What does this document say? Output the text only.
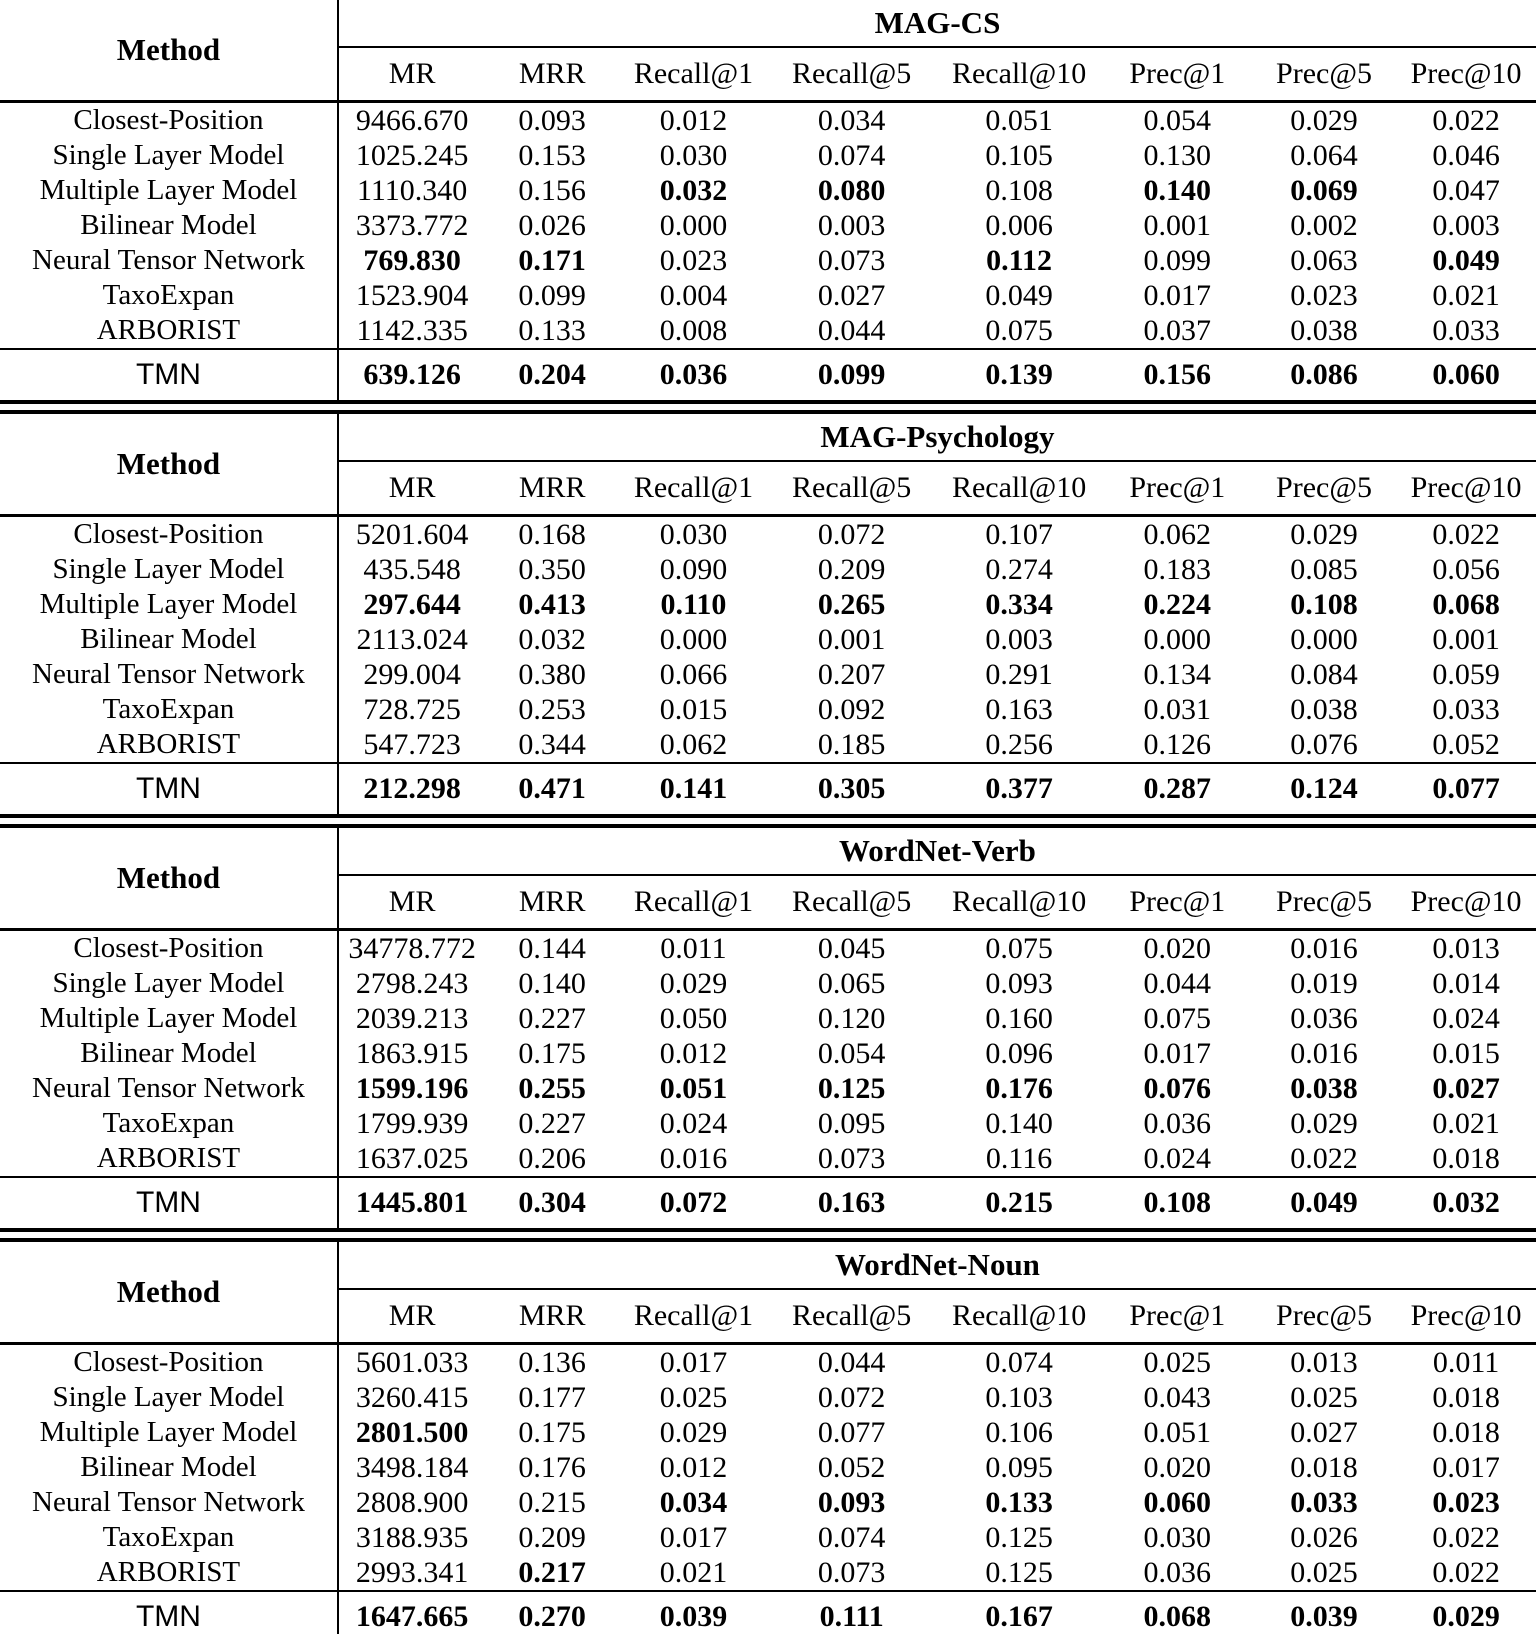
Method	MAG-CS							
	MR	MRR	Recall@1	Recall@5	Recall@10	Prec@1	Prec@5	Prec@10
Closest-Position	9466.670	0.093	0.012	0.034	0.051	0.054	0.029	0.022
Single Layer Model	1025.245	0.153	0.030	0.074	0.105	0.130	0.064	0.046
Multiple Layer Model	1110.340	0.156	0.032	0.080	0.108	0.140	0.069	0.047
Bilinear Model	3373.772	0.026	0.000	0.003	0.006	0.001	0.002	0.003
Neural Tensor Network	769.830	0.171	0.023	0.073	0.112	0.099	0.063	0.049
TaxoExpan	1523.904	0.099	0.004	0.027	0.049	0.017	0.023	0.021
ARBORIST	1142.335	0.133	0.008	0.044	0.075	0.037	0.038	0.033
TMN	639.126	0.204	0.036	0.099	0.139	0.156	0.086	0.060
Method	MAG-Psychology							
	MR	MRR	Recall@1	Recall@5	Recall@10	Prec@1	Prec@5	Prec@10
Closest-Position	5201.604	0.168	0.030	0.072	0.107	0.062	0.029	0.022
Single Layer Model	435.548	0.350	0.090	0.209	0.274	0.183	0.085	0.056
Multiple Layer Model	297.644	0.413	0.110	0.265	0.334	0.224	0.108	0.068
Bilinear Model	2113.024	0.032	0.000	0.001	0.003	0.000	0.000	0.001
Neural Tensor Network	299.004	0.380	0.066	0.207	0.291	0.134	0.084	0.059
TaxoExpan	728.725	0.253	0.015	0.092	0.163	0.031	0.038	0.033
ARBORIST	547.723	0.344	0.062	0.185	0.256	0.126	0.076	0.052
TMN	212.298	0.471	0.141	0.305	0.377	0.287	0.124	0.077
Method	WordNet-Verb							
	MR	MRR	Recall@1	Recall@5	Recall@10	Prec@1	Prec@5	Prec@10
Closest-Position	34778.772	0.144	0.011	0.045	0.075	0.020	0.016	0.013
Single Layer Model	2798.243	0.140	0.029	0.065	0.093	0.044	0.019	0.014
Multiple Layer Model	2039.213	0.227	0.050	0.120	0.160	0.075	0.036	0.024
Bilinear Model	1863.915	0.175	0.012	0.054	0.096	0.017	0.016	0.015
Neural Tensor Network	1599.196	0.255	0.051	0.125	0.176	0.076	0.038	0.027
TaxoExpan	1799.939	0.227	0.024	0.095	0.140	0.036	0.029	0.021
ARBORIST	1637.025	0.206	0.016	0.073	0.116	0.024	0.022	0.018
TMN	1445.801	0.304	0.072	0.163	0.215	0.108	0.049	0.032
Method	WordNet-Noun							
	MR	MRR	Recall@1	Recall@5	Recall@10	Prec@1	Prec@5	Prec@10
Closest-Position	5601.033	0.136	0.017	0.044	0.074	0.025	0.013	0.011
Single Layer Model	3260.415	0.177	0.025	0.072	0.103	0.043	0.025	0.018
Multiple Layer Model	2801.500	0.175	0.029	0.077	0.106	0.051	0.027	0.018
Bilinear Model	3498.184	0.176	0.012	0.052	0.095	0.020	0.018	0.017
Neural Tensor Network	2808.900	0.215	0.034	0.093	0.133	0.060	0.033	0.023
TaxoExpan	3188.935	0.209	0.017	0.074	0.125	0.030	0.026	0.022
ARBORIST	2993.341	0.217	0.021	0.073	0.125	0.036	0.025	0.022
TMN	1647.665	0.270	0.039	0.111	0.167	0.068	0.039	0.029
